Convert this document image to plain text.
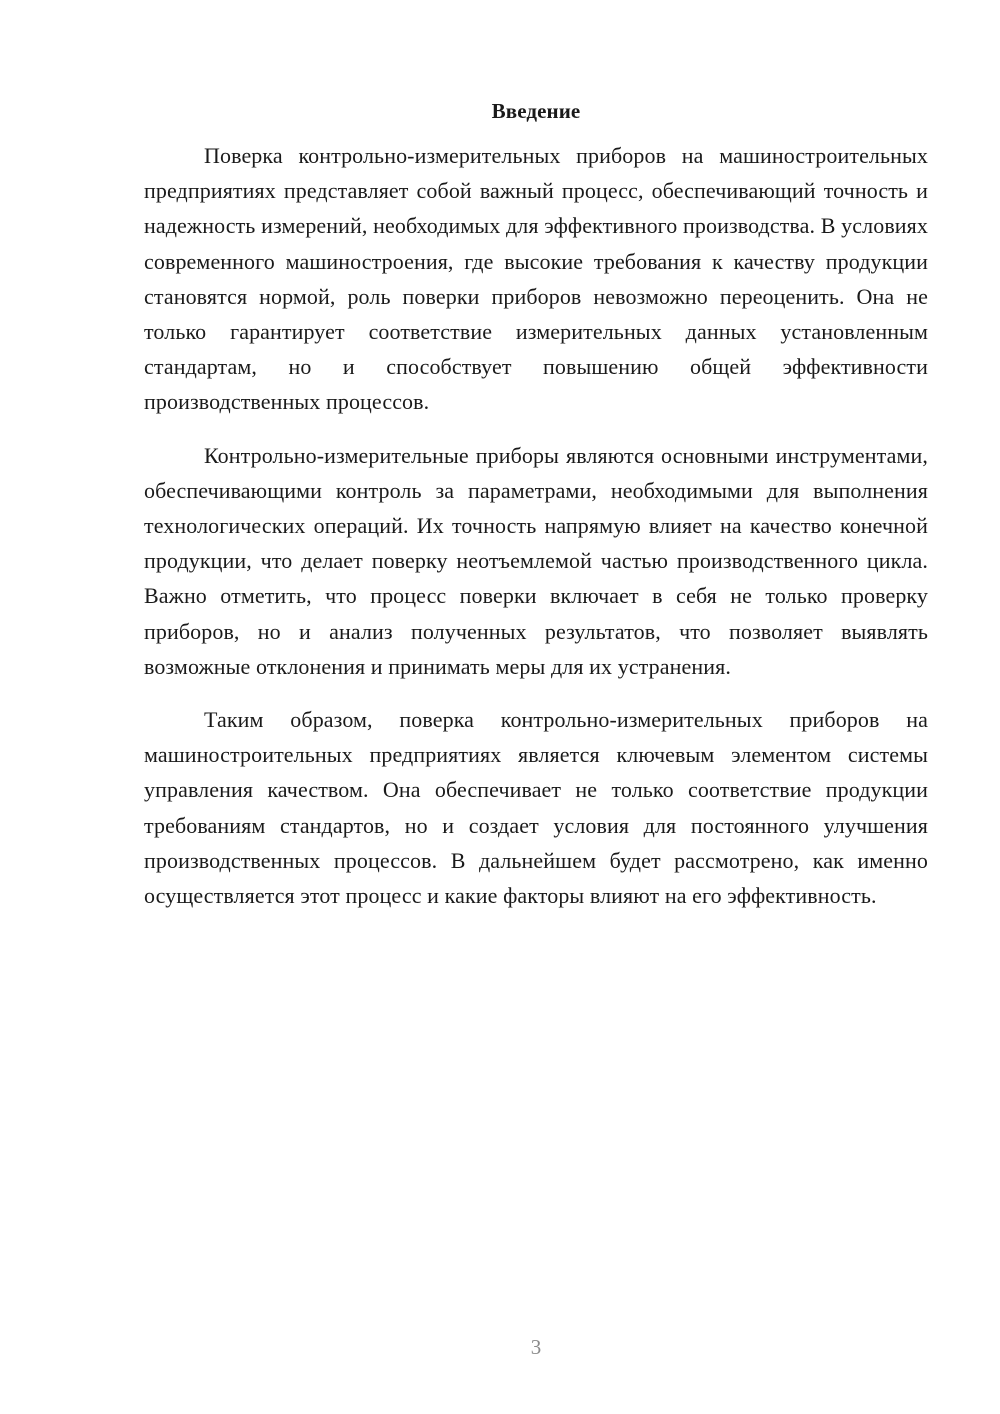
Введение

Поверка контрольно-измерительных приборов на машиностроительных предприятиях представляет собой важный процесс, обеспечивающий точность и надежность измерений, необходимых для эффективного производства. В условиях современного машиностроения, где высокие требования к качеству продукции становятся нормой, роль поверки приборов невозможно переоценить. Она не только гарантирует соответствие измерительных данных установленным стандартам, но и способствует повышению общей эффективности производственных процессов.

Контрольно-измерительные приборы являются основными инструментами, обеспечивающими контроль за параметрами, необходимыми для выполнения технологических операций. Их точность напрямую влияет на качество конечной продукции, что делает поверку неотъемлемой частью производственного цикла. Важно отметить, что процесс поверки включает в себя не только проверку приборов, но и анализ полученных результатов, что позволяет выявлять возможные отклонения и принимать меры для их устранения.

Таким образом, поверка контрольно-измерительных приборов на машиностроительных предприятиях является ключевым элементом системы управления качеством. Она обеспечивает не только соответствие продукции требованиям стандартов, но и создает условия для постоянного улучшения производственных процессов. В дальнейшем будет рассмотрено, как именно осуществляется этот процесс и какие факторы влияют на его эффективность.

3
